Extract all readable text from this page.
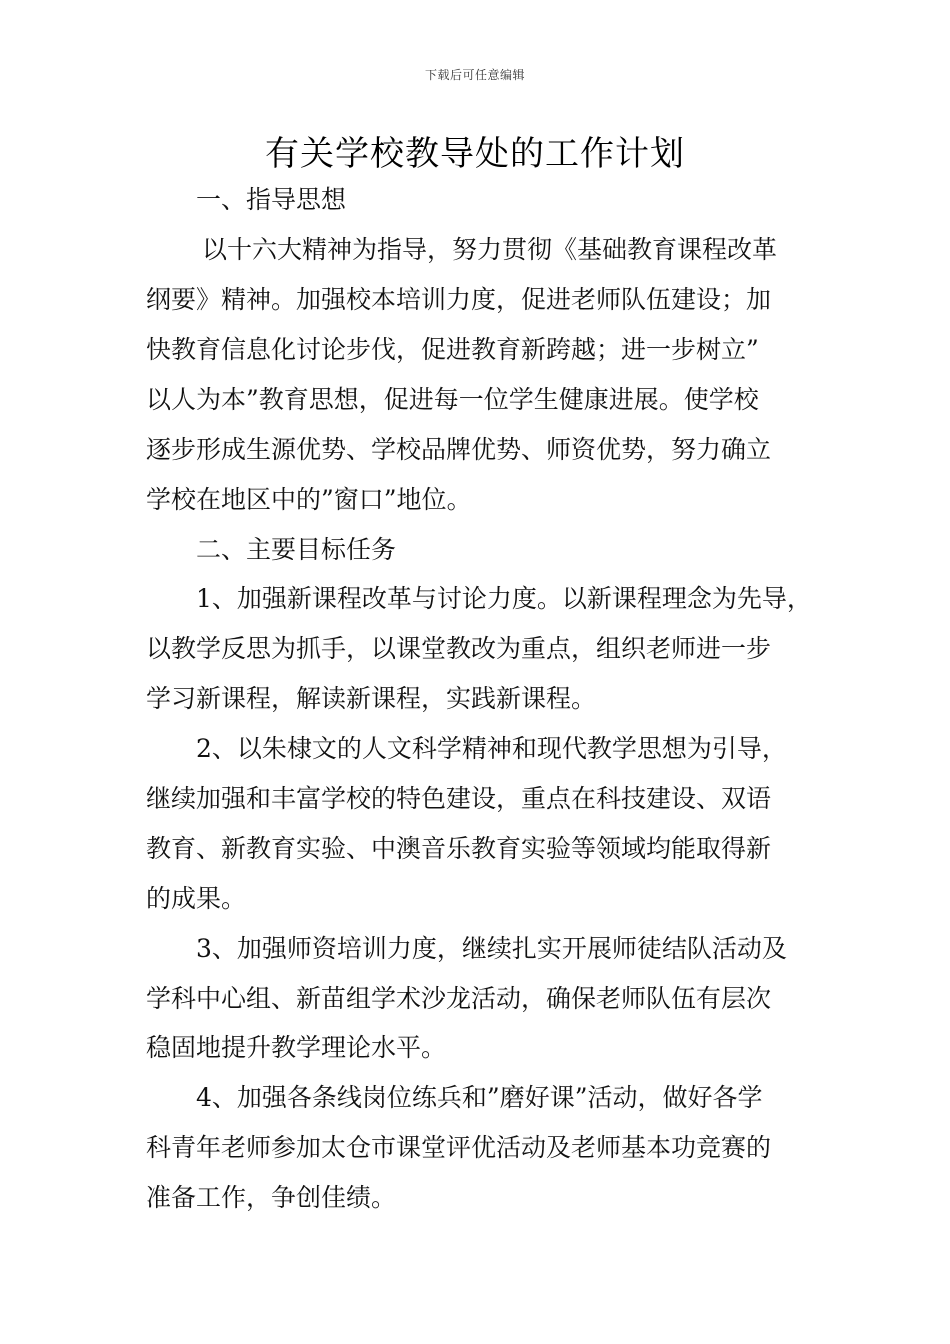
下载后可任意编辑
有关学校教导处的工作计划
一、指导思想
以十六大精神为指导，努力贯彻《基础教育课程改革
纲要》精神。加强校本培训力度，促进老师队伍建设；加
快教育信息化讨论步伐，促进教育新跨越；进一步树立”
以人为本”教育思想，促进每一位学生健康进展。使学校
逐步形成生源优势、学校品牌优势、师资优势，努力确立
学校在地区中的”窗口”地位。
二、主要目标任务
1、加强新课程改革与讨论力度。以新课程理念为先导，
以教学反思为抓手，以课堂教改为重点，组织老师进一步
学习新课程，解读新课程，实践新课程。
2、以朱棣文的人文科学精神和现代教学思想为引导，
继续加强和丰富学校的特色建设，重点在科技建设、双语
教育、新教育实验、中澳音乐教育实验等领域均能取得新
的成果。
3、加强师资培训力度，继续扎实开展师徒结队活动及
学科中心组、新苗组学术沙龙活动，确保老师队伍有层次
稳固地提升教学理论水平。
4、加强各条线岗位练兵和”磨好课”活动，做好各学
科青年老师参加太仓市课堂评优活动及老师基本功竞赛的
准备工作，争创佳绩。
